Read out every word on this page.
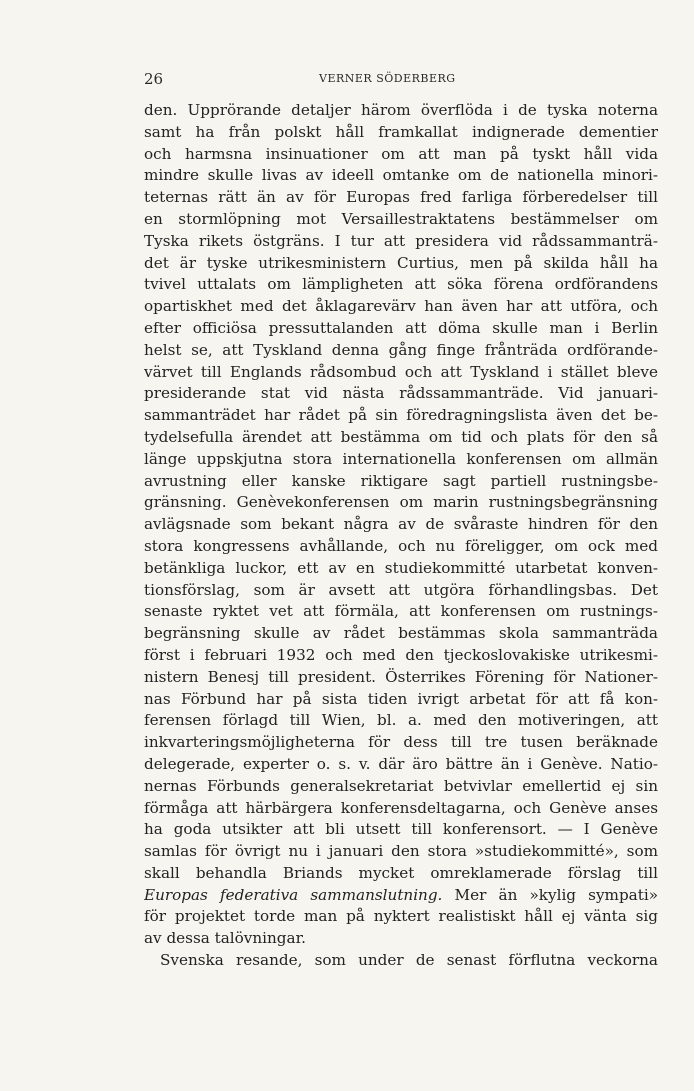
26	VERNER SÖDERBERG
den. Upprörande detaljer härom överflöda i de tyska noterna
samt ha från polskt håll framkallat indignerade dementier
och harmsna insinuationer om att man på tyskt håll vida
mindre skulle livas av ideell omtanke om de nationella minori-
teternas rätt än av för Europas fred farliga förberedelser till
en stormlöpning mot Versaillestraktatens bestämmelser om
Tyska rikets östgräns. I tur att presidera vid rådssammanträ-
det är tyske utrikesministern Curtius, men på skilda håll ha
tvivel uttalats om lämpligheten att söka förena ordförandens
opartiskhet med det åklagarevärv han även har att utföra, och
efter officiösa pressuttalanden att döma skulle man i Berlin
helst se, att Tyskland denna gång finge frånträda ordförande-
värvet till Englands rådsombud och att Tyskland i stället bleve
presiderande stat vid nästa rådssammanträde. Vid januari-
sammanträdet har rådet på sin föredragningslista även det be-
tydelsefulla ärendet att bestämma om tid och plats för den så
länge uppskjutna stora internationella konferensen om allmän
avrustning eller kanske riktigare sagt partiell rustningsbe-
gränsning. Genèvekonferensen om marin rustningsbegränsning
avlägsnade som bekant några av de svåraste hindren för den
stora kongressens avhållande, och nu föreligger, om ock med
betänkliga luckor, ett av en studiekommitté utarbetat konven-
tionsförslag, som är avsett att utgöra förhandlingsbas. Det
senaste ryktet vet att förmäla, att konferensen om rustnings-
begränsning skulle av rådet bestämmas skola sammanträda
först i februari 1932 och med den tjeckoslovakiske utrikesmi-
nistern Benesj till president. Österrikes Förening för Nationer-
nas Förbund har på sista tiden ivrigt arbetat för att få kon-
ferensen förlagd till Wien, bl. a. med den motiveringen, att
inkvarteringsmöjligheterna för dess till tre tusen beräknade
delegerade, experter o. s. v. där äro bättre än i Genève. Natio-
nernas Förbunds generalsekretariat betvivlar emellertid ej sin
förmåga att härbärgera konferensdeltagarna, och Genève anses
ha goda utsikter att bli utsett till konferensort. — I Genève
samlas för övrigt nu i januari den stora »studiekommitté», som
skall behandla Briands mycket omreklamerade förslag till
Europas federativa sammanslutning. Mer än »kylig sympati»
för projektet torde man på nyktert realistiskt håll ej vänta sig
av dessa talövningar.
Svenska resande, som under de senast förflutna veckorna
